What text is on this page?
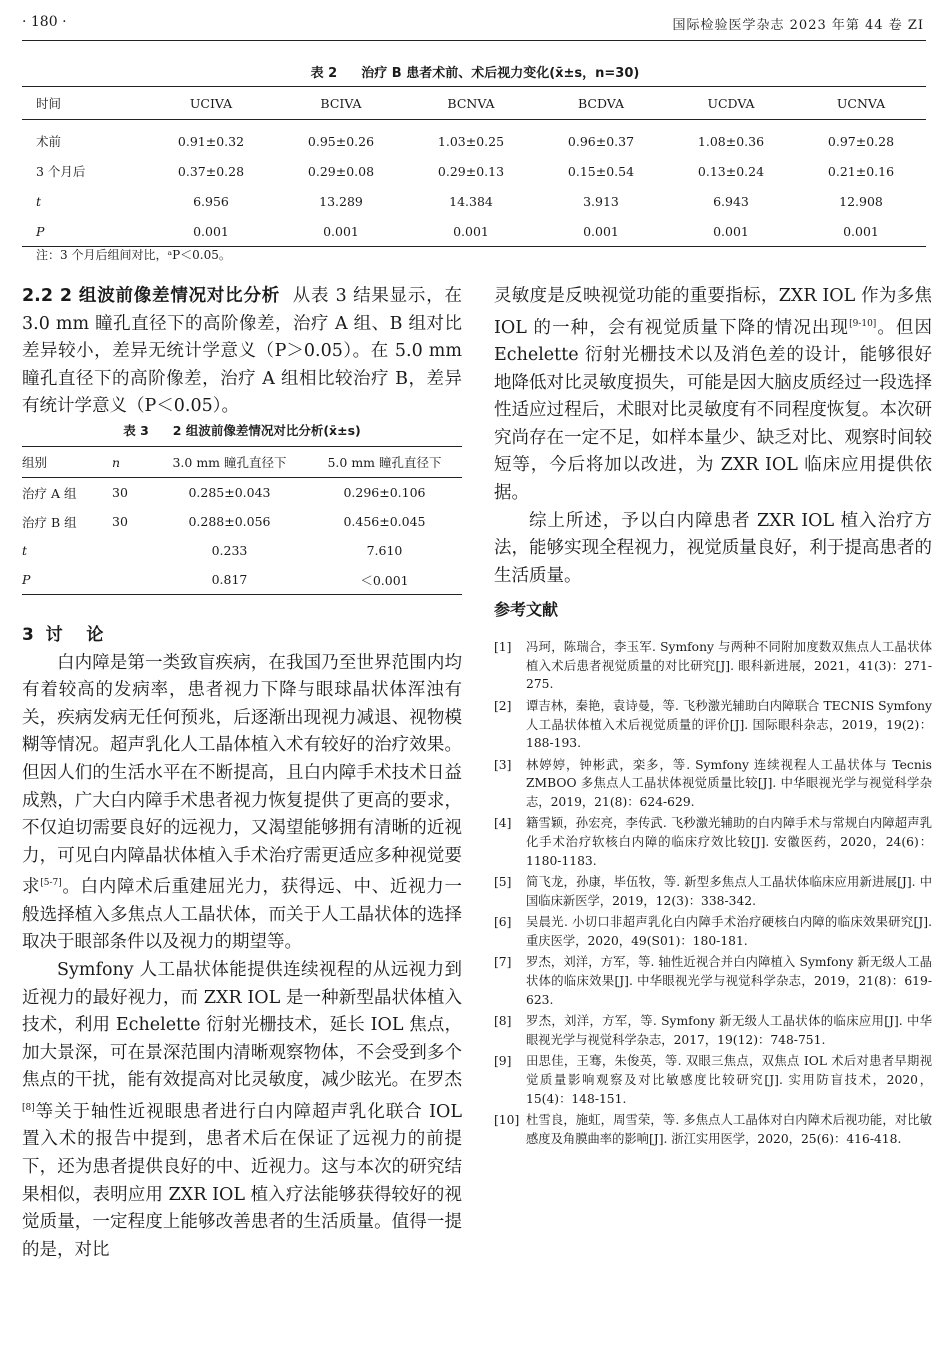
· 180 ·	国际检验医学杂志 2023 年第 44 卷 ZⅠ
表 2 治疗 B 患者术前、术后视力变化(x̄±s，n=30)
时间	UCIVA	BCIVA	BCNVA	BCDVA	UCDVA	UCNVA
术前	0.91±0.32	0.95±0.26	1.03±0.25	0.96±0.37	1.08±0.36	0.97±0.28
3 个月后	0.37±0.28	0.29±0.08	0.29±0.13	0.15±0.54	0.13±0.24	0.21±0.16
t	6.956	13.289	14.384	3.913	6.943	12.908
P	0.001	0.001	0.001	0.001	0.001	0.001
注：3 个月后组间对比，ᵃP＜0.05。
2.2 2 组波前像差情况对比分析 从表 3 结果显示，在 3.0 mm 瞳孔直径下的高阶像差，治疗 A 组、B 组对比差异较小，差异无统计学意义（P＞0.05）。在 5.0 mm 瞳孔直径下的高阶像差，治疗 A 组相比较治疗 B，差异有统计学意义（P＜0.05）。
表 3 2 组波前像差情况对比分析(x̄±s)
组别	n	3.0 mm 瞳孔直径下	5.0 mm 瞳孔直径下
治疗 A 组	30	0.285±0.043	0.296±0.106
治疗 B 组	30	0.288±0.056	0.456±0.045
t		0.233	7.610
P		0.817	＜0.001
3  讨    论
白内障是第一类致盲疾病，在我国乃至世界范围内均有着较高的发病率，患者视力下降与眼球晶状体浑浊有关，疾病发病无任何预兆，后逐渐出现视力减退、视物模糊等情况。超声乳化人工晶体植入术有较好的治疗效果。但因人们的生活水平在不断提高，且白内障手术技术日益成熟，广大白内障手术患者视力恢复提供了更高的要求，不仅迫切需要良好的远视力，又渴望能够拥有清晰的近视力，可见白内障晶状体植入手术治疗需更适应多种视觉要求[5-7]。白内障术后重建屈光力，获得远、中、近视力一般选择植入多焦点人工晶状体，而关于人工晶状体的选择取决于眼部条件以及视力的期望等。
Symfony 人工晶状体能提供连续视程的从远视力到近视力的最好视力，而 ZXR IOL 是一种新型晶状体植入技术，利用 Echelette 衍射光栅技术，延长 IOL 焦点，加大景深，可在景深范围内清晰观察物体，不会受到多个焦点的干扰，能有效提高对比灵敏度，减少眩光。在罗杰[8]等关于轴性近视眼患者进行白内障超声乳化联合 IOL 置入术的报告中提到，患者术后在保证了远视力的前提下，还为患者提供良好的中、近视力。这与本次的研究结果相似，表明应用 ZXR IOL 植入疗法能够获得较好的视觉质量，一定程度上能够改善患者的生活质量。值得一提的是，对比
灵敏度是反映视觉功能的重要指标，ZXR IOL 作为多焦 IOL 的一种，会有视觉质量下降的情况出现[9-10]。但因 Echelette 衍射光栅技术以及消色差的设计，能够很好地降低对比灵敏度损失，可能是因大脑皮质经过一段选择性适应过程后，术眼对比灵敏度有不同程度恢复。本次研究尚存在一定不足，如样本量少、缺乏对比、观察时间较短等，今后将加以改进，为 ZXR IOL 临床应用提供依据。
综上所述，予以白内障患者 ZXR IOL 植入治疗方法，能够实现全程视力，视觉质量良好，利于提高患者的生活质量。
参考文献
[1]	冯珂，陈瑞合，李玉军. Symfony 与两种不同附加度数双焦点人工晶状体植入术后患者视觉质量的对比研究[J]. 眼科新进展，2021，41(3)：271-275.
[2]	谭吉林，秦艳，袁诗曼，等. 飞秒激光辅助白内障联合 TECNIS Symfony 人工晶状体植入术后视觉质量的评价[J]. 国际眼科杂志，2019，19(2)：188-193.
[3]	林婷婷，钟彬武，栾多，等. Symfony 连续视程人工晶状体与 Tecnis ZMBOO 多焦点人工晶状体视觉质量比较[J]. 中华眼视光学与视觉科学杂志，2019，21(8)：624-629.
[4]	籍雪颖，孙宏亮，李传武. 飞秒激光辅助的白内障手术与常规白内障超声乳化手术治疗软核白内障的临床疗效比较[J]. 安徽医药，2020，24(6)：1180-1183.
[5]	简飞龙，孙康，毕伍牧，等. 新型多焦点人工晶状体临床应用新进展[J]. 中国临床新医学，2019，12(3)：338-342.
[6]	吴晨光. 小切口非超声乳化白内障手术治疗硬核白内障的临床效果研究[J]. 重庆医学，2020，49(S01)：180-181.
[7]	罗杰，刘洋，方军，等. 轴性近视合并白内障植入 Symfony 新无级人工晶状体的临床效果[J]. 中华眼视光学与视觉科学杂志，2019，21(8)：619-623.
[8]	罗杰，刘洋，方军，等. Symfony 新无级人工晶状体的临床应用[J]. 中华眼视光学与视觉科学杂志，2017，19(12)：748-751.
[9]	田思佳，王骞，朱俊英，等. 双眼三焦点，双焦点 IOL 术后对患者早期视觉质量影响观察及对比敏感度比较研究[J]. 实用防盲技术，2020，15(4)：148-151.
[10] 杜雪良，施虹，周雪荣，等. 多焦点人工晶体对白内障术后视功能，对比敏感度及角膜曲率的影响[J]. 浙江实用医学，2020，25(6)：416-418.
